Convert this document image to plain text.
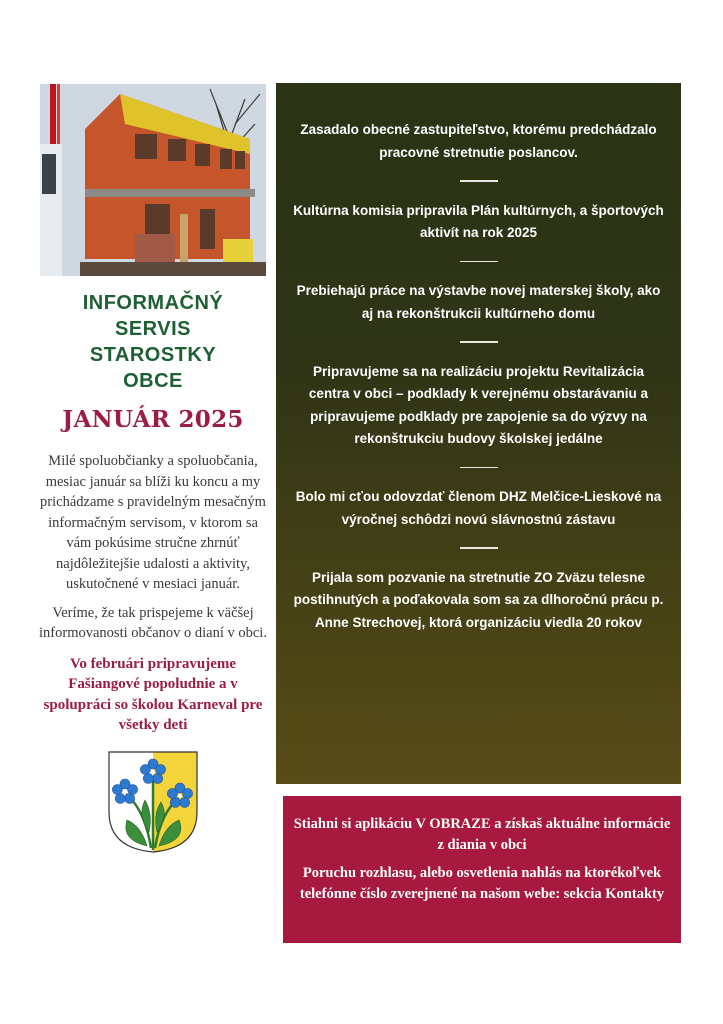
INFORMAČNÝ
SERVIS
STAROSTKY
OBCE
JANUÁR 2025

Milé spoluobčianky a spoluobčania, mesiac január sa blíži ku koncu a my prichádzame s pravidelným mesačným informačným servisom, v ktorom sa vám pokúsime stručne zhrnúť najdôležitejšie udalosti a aktivity, uskutočnené v mesiaci január.

Veríme, že tak prispejeme k väčšej informovanosti občanov o dianí v obci.

Vo februári pripravujeme Fašiangové popoludnie a v spolupráci so školou Karneval pre všetky deti
Zasadalo obecné zastupiteľstvo, ktorému predchádzalo pracovné stretnutie poslancov.
Kultúrna komisia pripravila Plán kultúrnych, a športových aktivít na rok 2025
Prebiehajú práce na výstavbe novej materskej školy, ako aj na rekonštrukcii kultúrneho domu
Pripravujeme sa na realizáciu projektu Revitalizácia centra v obci – podklady k verejnému obstarávaniu a pripravujeme podklady pre zapojenie sa do výzvy na rekonštrukciu budovy školskej jedálne
Bolo mi cťou odovzdať členom DHZ Melčice-Lieskové na výročnej schôdzi novú slávnostnú zástavu
Prijala som pozvanie na stretnutie ZO Zväzu telesne postihnutých a poďakovala som sa za dlhoročnú prácu p. Anne Strechovej, ktorá organizáciu viedla 20 rokov

Stiahni si aplikáciu V OBRAZE a získaš aktuálne informácie z diania v obci

Poruchu rozhlasu, alebo osvetlenia nahlás na ktorékoľvek telefónne číslo zverejnené na našom webe: sekcia Kontakty
